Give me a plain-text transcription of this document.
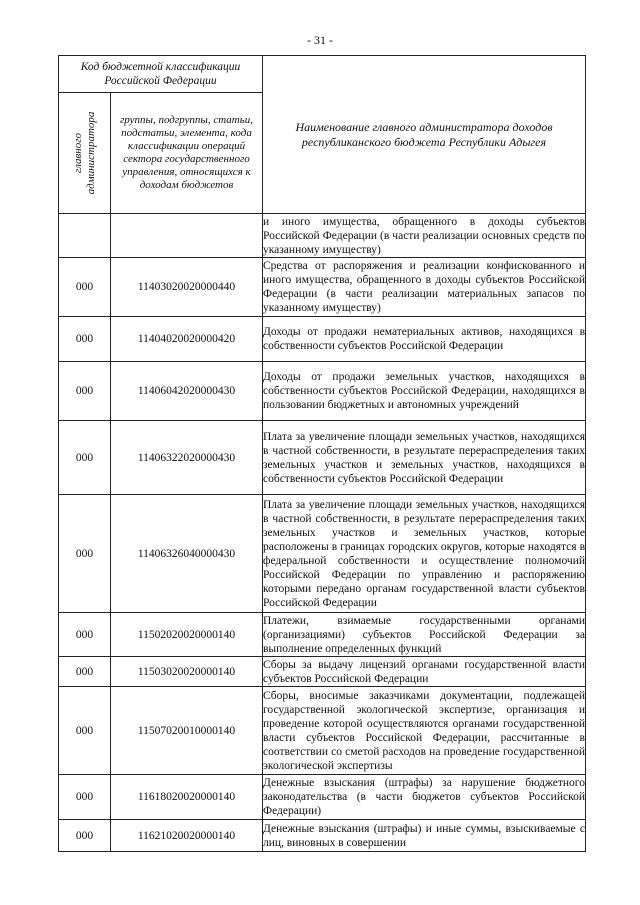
- 31 -
Код бюджетной классификации Российской Федерации		Наименование главного администратора доходов республиканского бюджета Республики Адыгея

главного администратора	группы, подгруппы, статьи, подстатьи, элемента, кода классификации операций сектора государственного управления, относящихся к доходам бюджетов	
		и иного имущества, обращенного в доходы субъектов Российской Федерации (в части реализации основных средств по указанному имуществу)
000	11403020020000440	Средства от распоряжения и реализации конфискованного и иного имущества, обращенного в доходы субъектов Российской Федерации (в части реализации материальных запасов по указанному имуществу)
000	11404020020000420	Доходы от продажи нематериальных активов, находящихся в собственности субъектов Российской Федерации
000	11406042020000430	Доходы от продажи земельных участков, находящихся в собственности субъектов Российской Федерации, находящихся в пользовании бюджетных и автономных учреждений
000	11406322020000430	Плата за увеличение площади земельных участков, находящихся в частной собственности, в результате перераспределения таких земельных участков и земельных участков, находящихся в собственности субъектов Российской Федерации
000	11406326040000430	Плата за увеличение площади земельных участков, находящихся в частной собственности, в результате перераспределения таких земельных участков и земельных участков, которые расположены в границах городских округов, которые находятся в федеральной собственности и осуществление полномочий Российской Федерации по управлению и распоряжению которыми передано органам государственной власти субъектов Российской Федерации
000	11502020020000140	Платежи, взимаемые государственными органами (организациями) субъектов Российской Федерации за выполнение определенных функций
000	11503020020000140	Сборы за выдачу лицензий органами государственной власти субъектов Российской Федерации
000	11507020010000140	Сборы, вносимые заказчиками документации, подлежащей государственной экологической экспертизе, организация и проведение которой осуществляются органами государственной власти субъектов Российской Федерации, рассчитанные в соответствии со сметой расходов на проведение государственной экологической экспертизы
000	11618020020000140	Денежные взыскания (штрафы) за нарушение бюджетного законодательства (в части бюджетов субъектов Российской Федерации)
000	11621020020000140	Денежные взыскания (штрафы) и иные суммы, взыскиваемые с лиц, виновных в совершении
